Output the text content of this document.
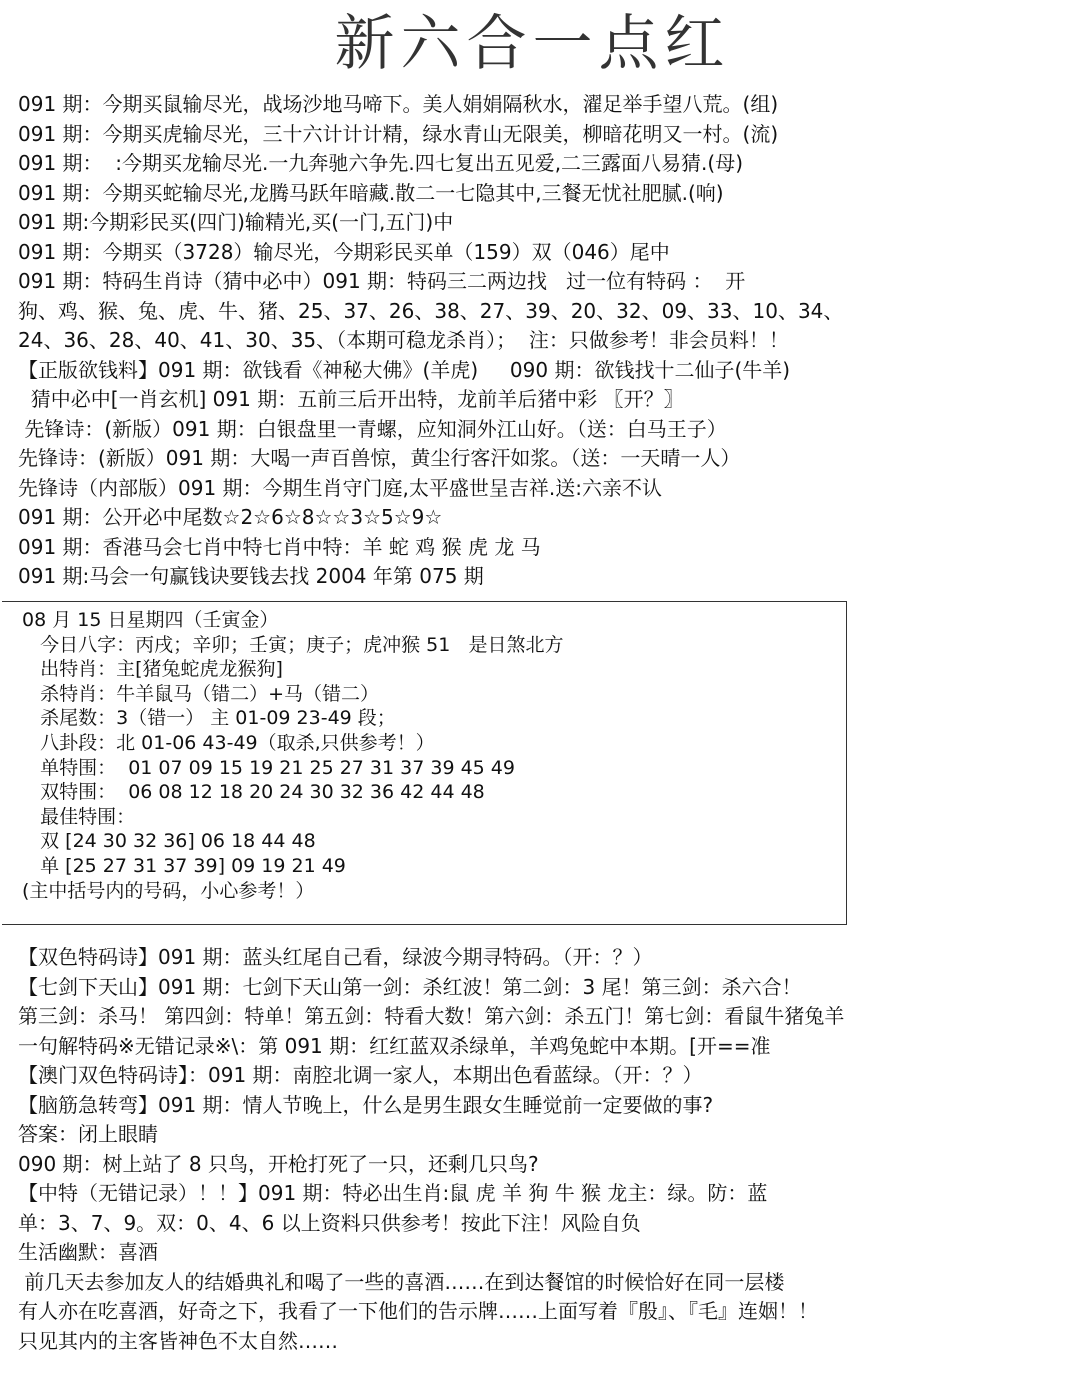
新六合一点红
091 期：今期买鼠输尽光，战场沙地马啼下。美人娟娟隔秋水，濯足举手望八荒。(组)
091 期：今期买虎输尽光，三十六计计计精，绿水青山无限美，柳暗花明又一村。(流)
091 期：  :今期买龙输尽光.一九奔驰六争先.四七复出五见爱,二三露面八易猜.(母)
091 期：今期买蛇输尽光,龙腾马跃年暗藏.散二一七隐其中,三餐无忧社肥腻.(响)
091 期:今期彩民买(四门)输精光,买(一门,五门)中
091 期：今期买（3728）输尽光，今期彩民买单（159）双（046）尾中
091 期：特码生肖诗（猜中必中）091 期：特码三二两边找   过一位有特码 ：  开
狗、鸡、猴、兔、虎、牛、猪、25、37、26、38、27、39、20、32、09、33、10、34、
24、36、28、40、41、30、35、（本期可稳龙杀肖）；  注：只做参考！非会员料！！
【正版欲钱料】091 期：欲钱看《神秘大佛》(羊虎)     090 期：欲钱找十二仙子(牛羊)
猜中必中[一肖玄机] 091 期：五前三后开出特，龙前羊后猪中彩 〖开？〗
先锋诗：(新版）091 期：白银盘里一青螺，应知洞外江山好。（送：白马王子）
先锋诗：(新版）091 期：大喝一声百兽惊，黄尘行客汗如浆。（送：一天晴一人）
先锋诗（内部版）091 期：今期生肖守门庭,太平盛世呈吉祥.送:六亲不认
091 期：公开必中尾数☆2☆6☆8☆☆3☆5☆9☆
091 期：香港马会七肖中特七肖中特：羊 蛇 鸡 猴 虎 龙 马
091 期:马会一句赢钱诀要钱去找 2004 年第 075 期
08 月 15 日星期四（壬寅金）
今日八字：丙戌；辛卯；壬寅；庚子；虎冲猴 51   是日煞北方
出特肖：主[猪兔蛇虎龙猴狗]
杀特肖：牛羊鼠马（错二）+马（错二）
杀尾数：3（错一） 主 01-09 23-49 段；
八卦段：北 01-06 43-49（取杀,只供参考！）
单特围：  01 07 09 15 19 21 25 27 31 37 39 45 49
双特围：  06 08 12 18 20 24 30 32 36 42 44 48
最佳特围：
双 [24 30 32 36] 06 18 44 48
单 [25 27 31 37 39] 09 19 21 49
(主中括号内的号码，小心参考！）
【双色特码诗】091 期：蓝头红尾自己看，绿波今期寻特码。（开：？）
【七剑下天山】091 期：七剑下天山第一剑：杀红波！第二剑：3 尾！第三剑：杀六合！
第三剑：杀马！ 第四剑：特单！第五剑：特看大数！第六剑：杀五门！第七剑：看鼠牛猪兔羊
一句解特码※无错记录※\：第 091 期：红红蓝双杀绿单，羊鸡兔蛇中本期。[开==准
【澳门双色特码诗】：091 期：南腔北调一家人，本期出色看蓝绿。（开：？）
【脑筋急转弯】091 期：情人节晚上，什么是男生跟女生睡觉前一定要做的事?
答案：闭上眼睛
090 期：树上站了 8 只鸟，开枪打死了一只，还剩几只鸟?
【中特（无错记录）！！】091 期：特必出生肖:鼠 虎 羊 狗 牛 猴 龙主：绿。防：蓝
单：3、7、9。双：0、4、6 以上资料只供参考！按此下注！风险自负
生活幽默：喜酒
前几天去参加友人的结婚典礼和喝了一些的喜酒……在到达餐馆的时候恰好在同一层楼
有人亦在吃喜酒，好奇之下，我看了一下他们的告示牌……上面写着『殷』、『毛』连姻！！
只见其内的主客皆神色不太自然……
